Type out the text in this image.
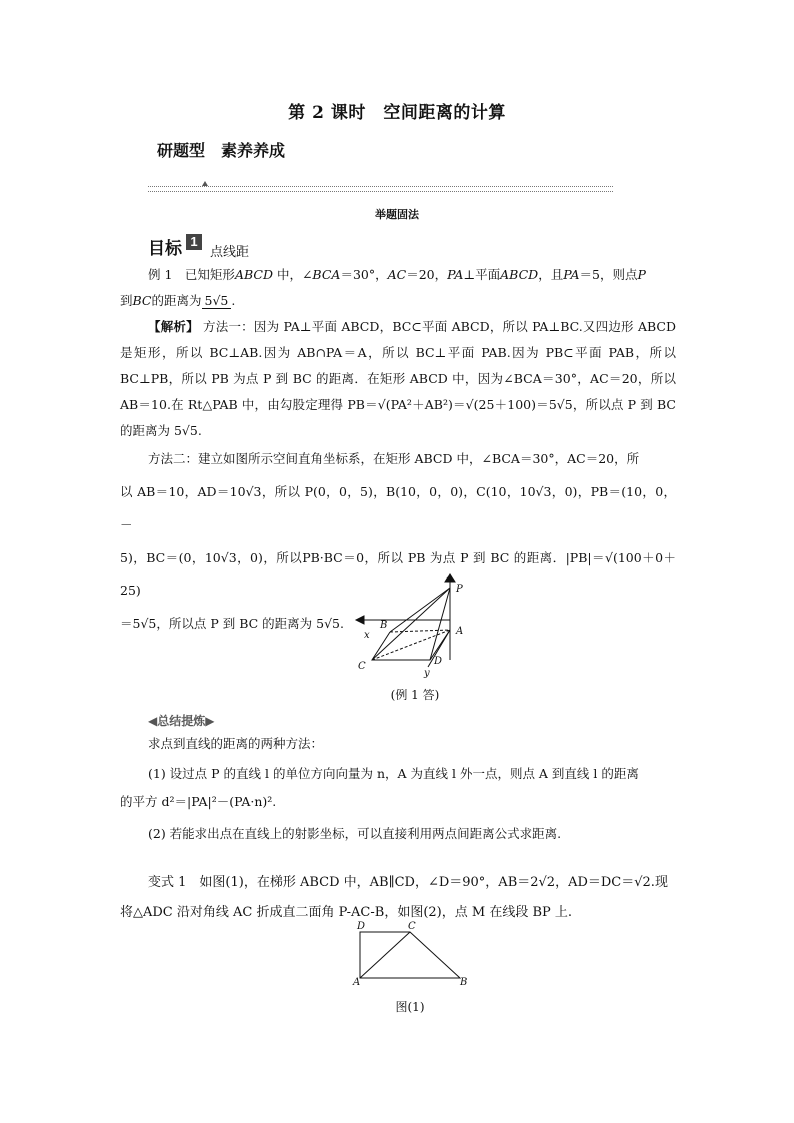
第 2 课时　空间距离的计算
研题型　素养养成
举题固法
目标 1
点线距

例 1　已知矩形ABCD 中，∠BCA＝30°，AC＝20，PA⊥平面ABCD，且PA＝5，则点P

到BC的距离为 5√5 .

【解析】 方法一：因为 PA⊥平面 ABCD，BC⊂平面 ABCD，所以 PA⊥BC.又四边形 ABCD 是矩形，所以 BC⊥AB.因为 AB∩PA＝A，所以 BC⊥平面 PAB.因为 PB⊂平面 PAB，所以 BC⊥PB，所以 PB 为点 P 到 BC 的距离．在矩形 ABCD 中，因为∠BCA＝30°，AC＝20，所以 AB＝10.在 Rt△PAB 中，由勾股定理得 PB＝√(PA²＋AB²)＝√(25＋100)＝5√5，所以点 P 到 BC 的距离为 5√5.

方法二：建立如图所示空间直角坐标系，在矩形 ABCD 中，∠BCA＝30°，AC＝20，所

以 AB＝10，AD＝10√3，所以 P(0，0，5)，B(10，0，0)，C(10，10√3，0)，PB＝(10，0，－

5)，BC＝(0，10√3，0)，所以PB·BC＝0，所以 PB 为点 P 到 BC 的距离．|PB|＝√(100＋0＋25)

＝5√5，所以点 P 到 BC 的距离为 5√5.

z
P
B
x	A
C	D
y
(例 1 答)
◀总结提炼▶

求点到直线的距离的两种方法：

(1) 设过点 P 的直线 l 的单位方向向量为 n，A 为直线 l 外一点，则点 A 到直线 l 的距离

的平方 d²＝|PA|²－(PA·n)².

(2) 若能求出点在直线上的射影坐标，可以直接利用两点间距离公式求距离.

变式 1　如图(1)，在梯形 ABCD 中，AB∥CD，∠D＝90°，AB＝2√2，AD＝DC＝√2.现

将△ADC 沿对角线 AC 折成直二面角 P-AC-B，如图(2)，点 M 在线段 BP 上.

D	C
A	B
图(1)
